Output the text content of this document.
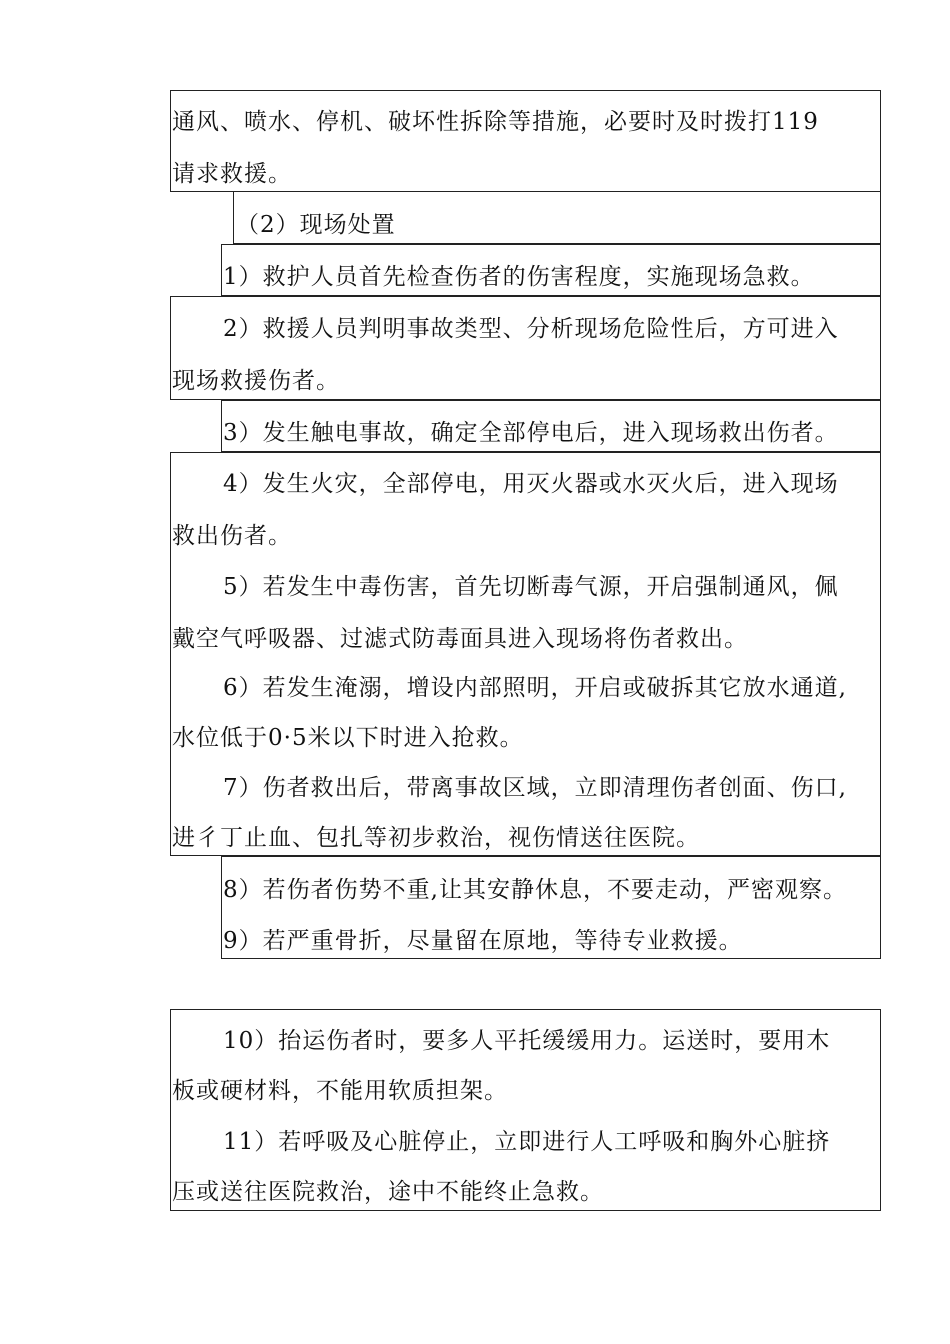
通风、喷水、停机、破坏性拆除等措施，必要时及时拨打119
请求救援。
（2）现场处置
1）救护人员首先检查伤者的伤害程度，实施现场急救。
2）救援人员判明事故类型、分析现场危险性后，方可进入
现场救援伤者。
3）发生触电事故，确定全部停电后，进入现场救出伤者。
4）发生火灾，全部停电，用灭火器或水灭火后，进入现场
救出伤者。
5）若发生中毒伤害，首先切断毒气源，开启强制通风，佩
戴空气呼吸器、过滤式防毒面具进入现场将伤者救出。
6）若发生淹溺，增设内部照明，开启或破拆其它放水通道,
水位低于0·5米以下时进入抢救。
7）伤者救出后，带离事故区域，立即清理伤者创面、伤口,
进彳丁止血、包扎等初步救治，视伤情送往医院。
8）若伤者伤势不重,让其安静休息，不要走动，严密观察。
9）若严重骨折，尽量留在原地，等待专业救援。
10）抬运伤者时，要多人平托缓缓用力。运送时，要用木
板或硬材料，不能用软质担架。
11）若呼吸及心脏停止，立即进行人工呼吸和胸外心脏挤
压或送往医院救治，途中不能终止急救。
